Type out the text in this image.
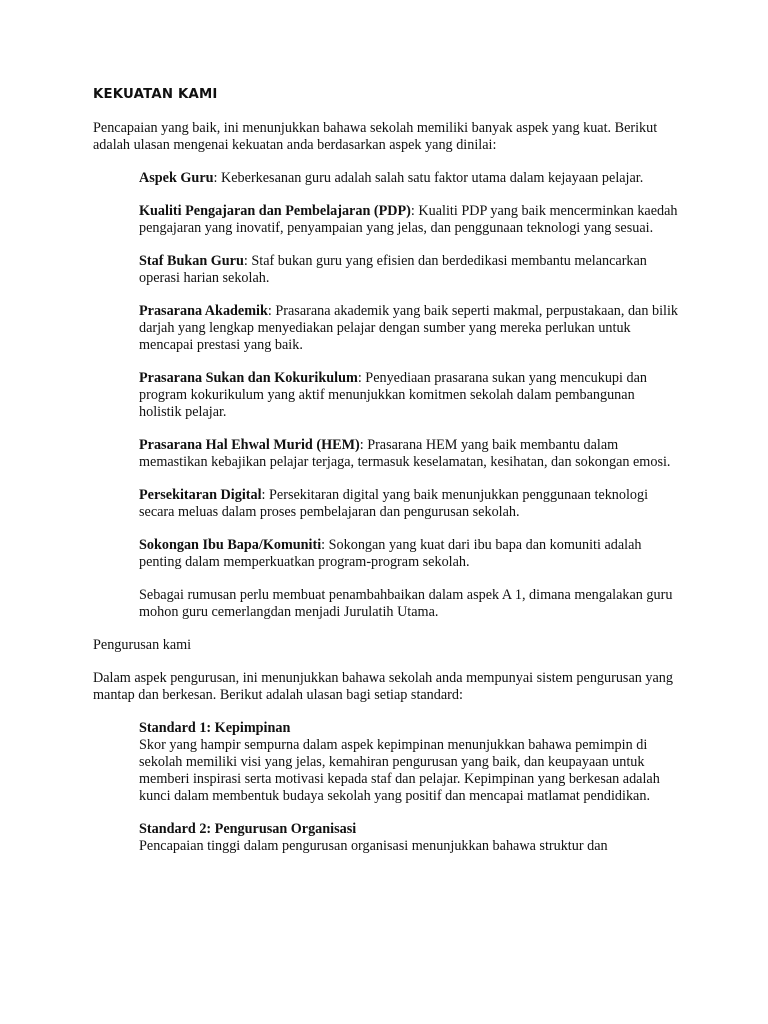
KEKUATAN KAMI

Pencapaian yang baik, ini menunjukkan bahawa sekolah memiliki banyak aspek yang kuat. Berikut adalah ulasan mengenai kekuatan anda berdasarkan aspek yang dinilai:

Aspek Guru: Keberkesanan guru adalah salah satu faktor utama dalam kejayaan pelajar.

Kualiti Pengajaran dan Pembelajaran (PDP): Kualiti PDP yang baik mencerminkan kaedah pengajaran yang inovatif, penyampaian yang jelas, dan penggunaan teknologi yang sesuai.

Staf Bukan Guru: Staf bukan guru yang efisien dan berdedikasi membantu melancarkan operasi harian sekolah.

Prasarana Akademik: Prasarana akademik yang baik seperti makmal, perpustakaan, dan bilik darjah yang lengkap menyediakan pelajar dengan sumber yang mereka perlukan untuk mencapai prestasi yang baik.

Prasarana Sukan dan Kokurikulum: Penyediaan prasarana sukan yang mencukupi dan program kokurikulum yang aktif menunjukkan komitmen sekolah dalam pembangunan holistik pelajar.

Prasarana Hal Ehwal Murid (HEM): Prasarana HEM yang baik membantu dalam memastikan kebajikan pelajar terjaga, termasuk keselamatan, kesihatan, dan sokongan emosi.

Persekitaran Digital: Persekitaran digital yang baik menunjukkan penggunaan teknologi secara meluas dalam proses pembelajaran dan pengurusan sekolah.

Sokongan Ibu Bapa/Komuniti: Sokongan yang kuat dari ibu bapa dan komuniti adalah penting dalam memperkuatkan program-program sekolah.

Sebagai rumusan perlu membuat penambahbaikan dalam aspek A 1, dimana mengalakan guru mohon guru cemerlangdan menjadi Jurulatih Utama.

Pengurusan kami

Dalam aspek pengurusan, ini menunjukkan bahawa sekolah anda mempunyai sistem pengurusan yang mantap dan berkesan. Berikut adalah ulasan bagi setiap standard:

Standard 1: Kepimpinan
Skor yang hampir sempurna dalam aspek kepimpinan menunjukkan bahawa pemimpin di sekolah memiliki visi yang jelas, kemahiran pengurusan yang baik, dan keupayaan untuk memberi inspirasi serta motivasi kepada staf dan pelajar. Kepimpinan yang berkesan adalah kunci dalam membentuk budaya sekolah yang positif dan mencapai matlamat pendidikan.

Standard 2: Pengurusan Organisasi
Pencapaian tinggi dalam pengurusan organisasi menunjukkan bahawa struktur dan
